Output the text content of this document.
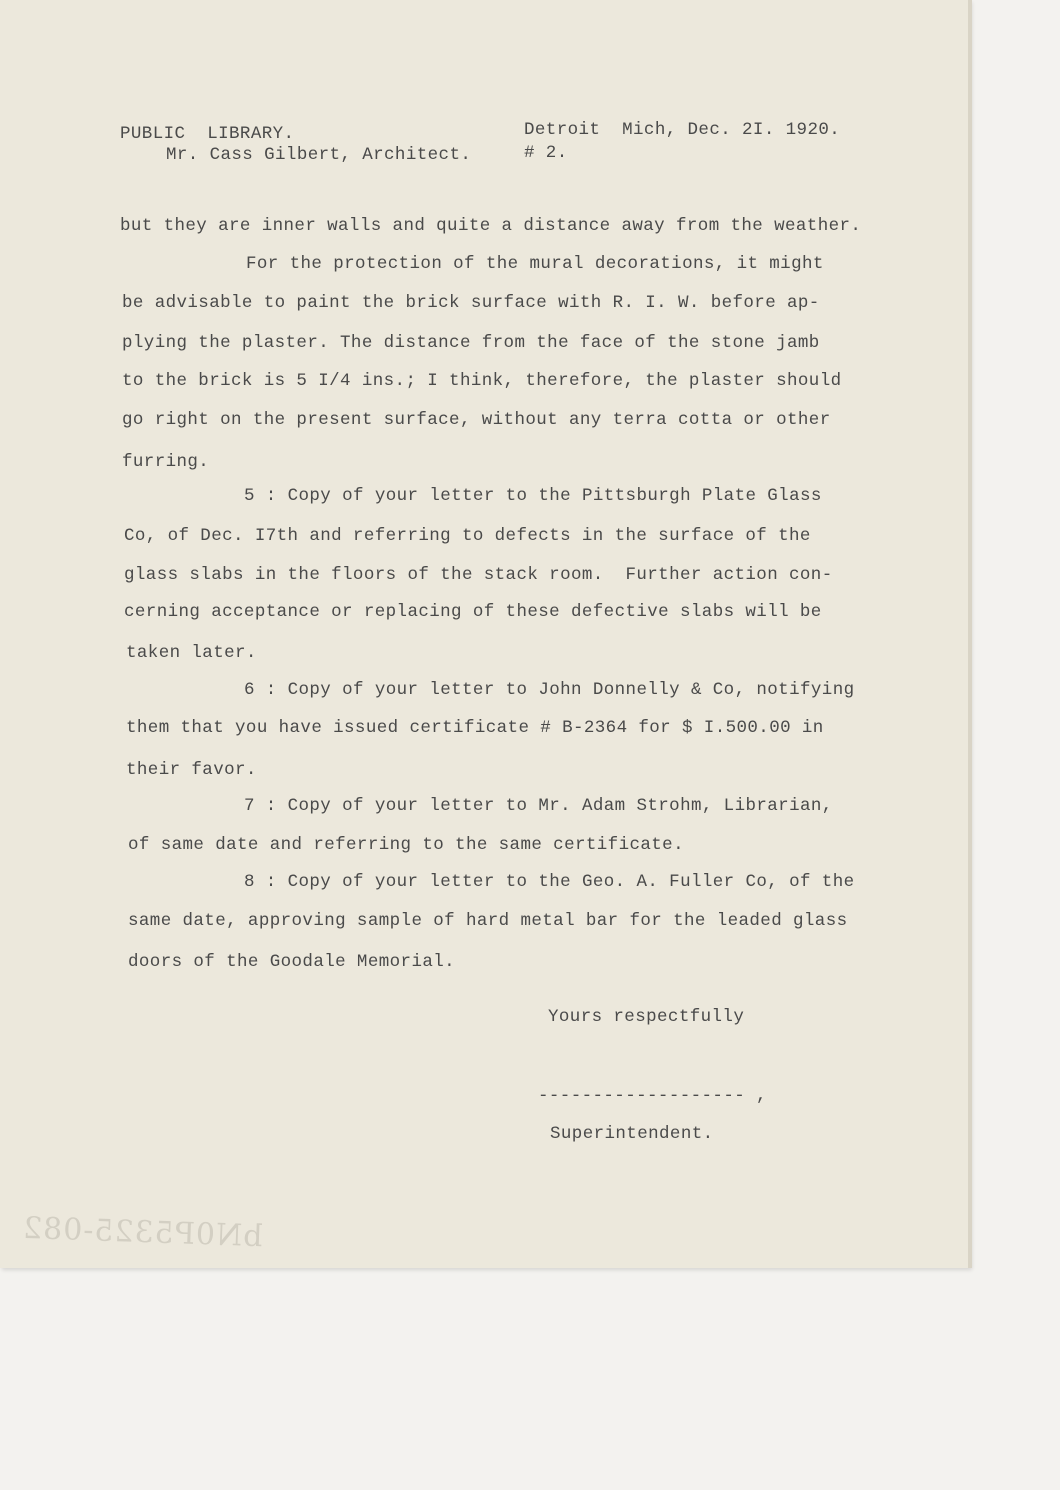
PUBLIC  LIBRARY.
Mr. Cass Gilbert, Architect.
Detroit  Mich, Dec. 2I. 1920.
# 2.
but they are inner walls and quite a distance away from the weather.
For the protection of the mural decorations, it might
be advisable to paint the brick surface with R. I. W. before ap-
plying the plaster. The distance from the face of the stone jamb
to the brick is 5 I/4 ins.; I think, therefore, the plaster should
go right on the present surface, without any terra cotta or other
furring.
5 : Copy of your letter to the Pittsburgh Plate Glass
Co, of Dec. I7th and referring to defects in the surface of the
glass slabs in the floors of the stack room.  Further action con-
cerning acceptance or replacing of these defective slabs will be
taken later.
6 : Copy of your letter to John Donnelly & Co, notifying
them that you have issued certificate # B-2364 for $ I.500.00 in
their favor.
7 : Copy of your letter to Mr. Adam Strohm, Librarian,
of same date and referring to the same certificate.
8 : Copy of your letter to the Geo. A. Fuller Co, of the
same date, approving sample of hard metal bar for the leaded glass
doors of the Goodale Memorial.
Yours respectfully
------------------- ,
Superintendent.
bN0P5325-082
